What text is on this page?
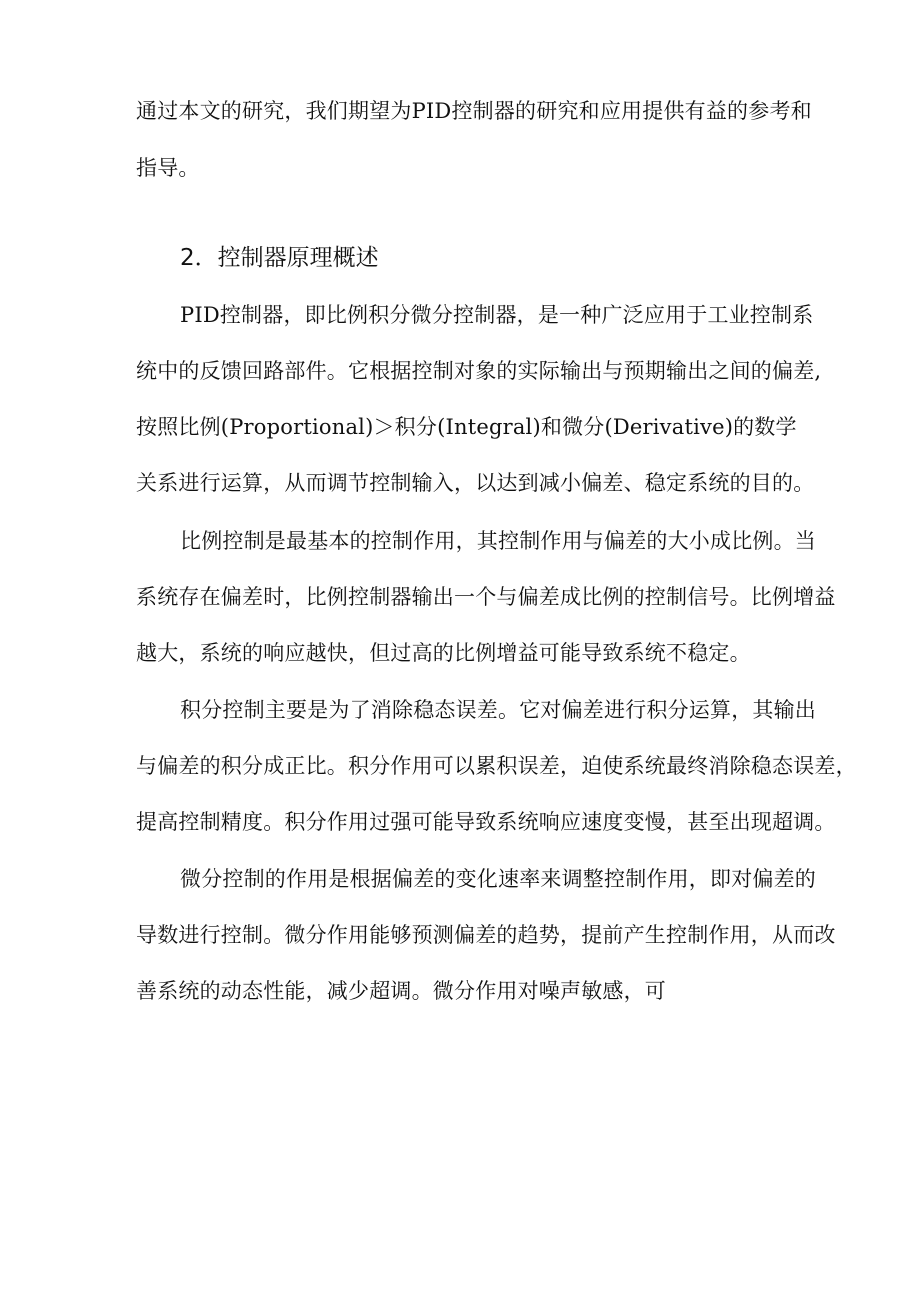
通过本文的研究，我们期望为PID控制器的研究和应用提供有益的参考和
指导。
2．控制器原理概述
PID控制器，即比例积分微分控制器，是一种广泛应用于工业控制系
统中的反馈回路部件。它根据控制对象的实际输出与预期输出之间的偏差,
按照比例(Proportional)＞积分(Integral)和微分(Derivative)的数学
关系进行运算，从而调节控制输入，以达到减小偏差、稳定系统的目的。
比例控制是最基本的控制作用，其控制作用与偏差的大小成比例。当
系统存在偏差时，比例控制器输出一个与偏差成比例的控制信号。比例增益
越大，系统的响应越快，但过高的比例增益可能导致系统不稳定。
积分控制主要是为了消除稳态误差。它对偏差进行积分运算，其输出
与偏差的积分成正比。积分作用可以累积误差，迫使系统最终消除稳态误差，
提高控制精度。积分作用过强可能导致系统响应速度变慢，甚至出现超调。
微分控制的作用是根据偏差的变化速率来调整控制作用，即对偏差的
导数进行控制。微分作用能够预测偏差的趋势，提前产生控制作用，从而改
善系统的动态性能，减少超调。微分作用对噪声敏感，可
